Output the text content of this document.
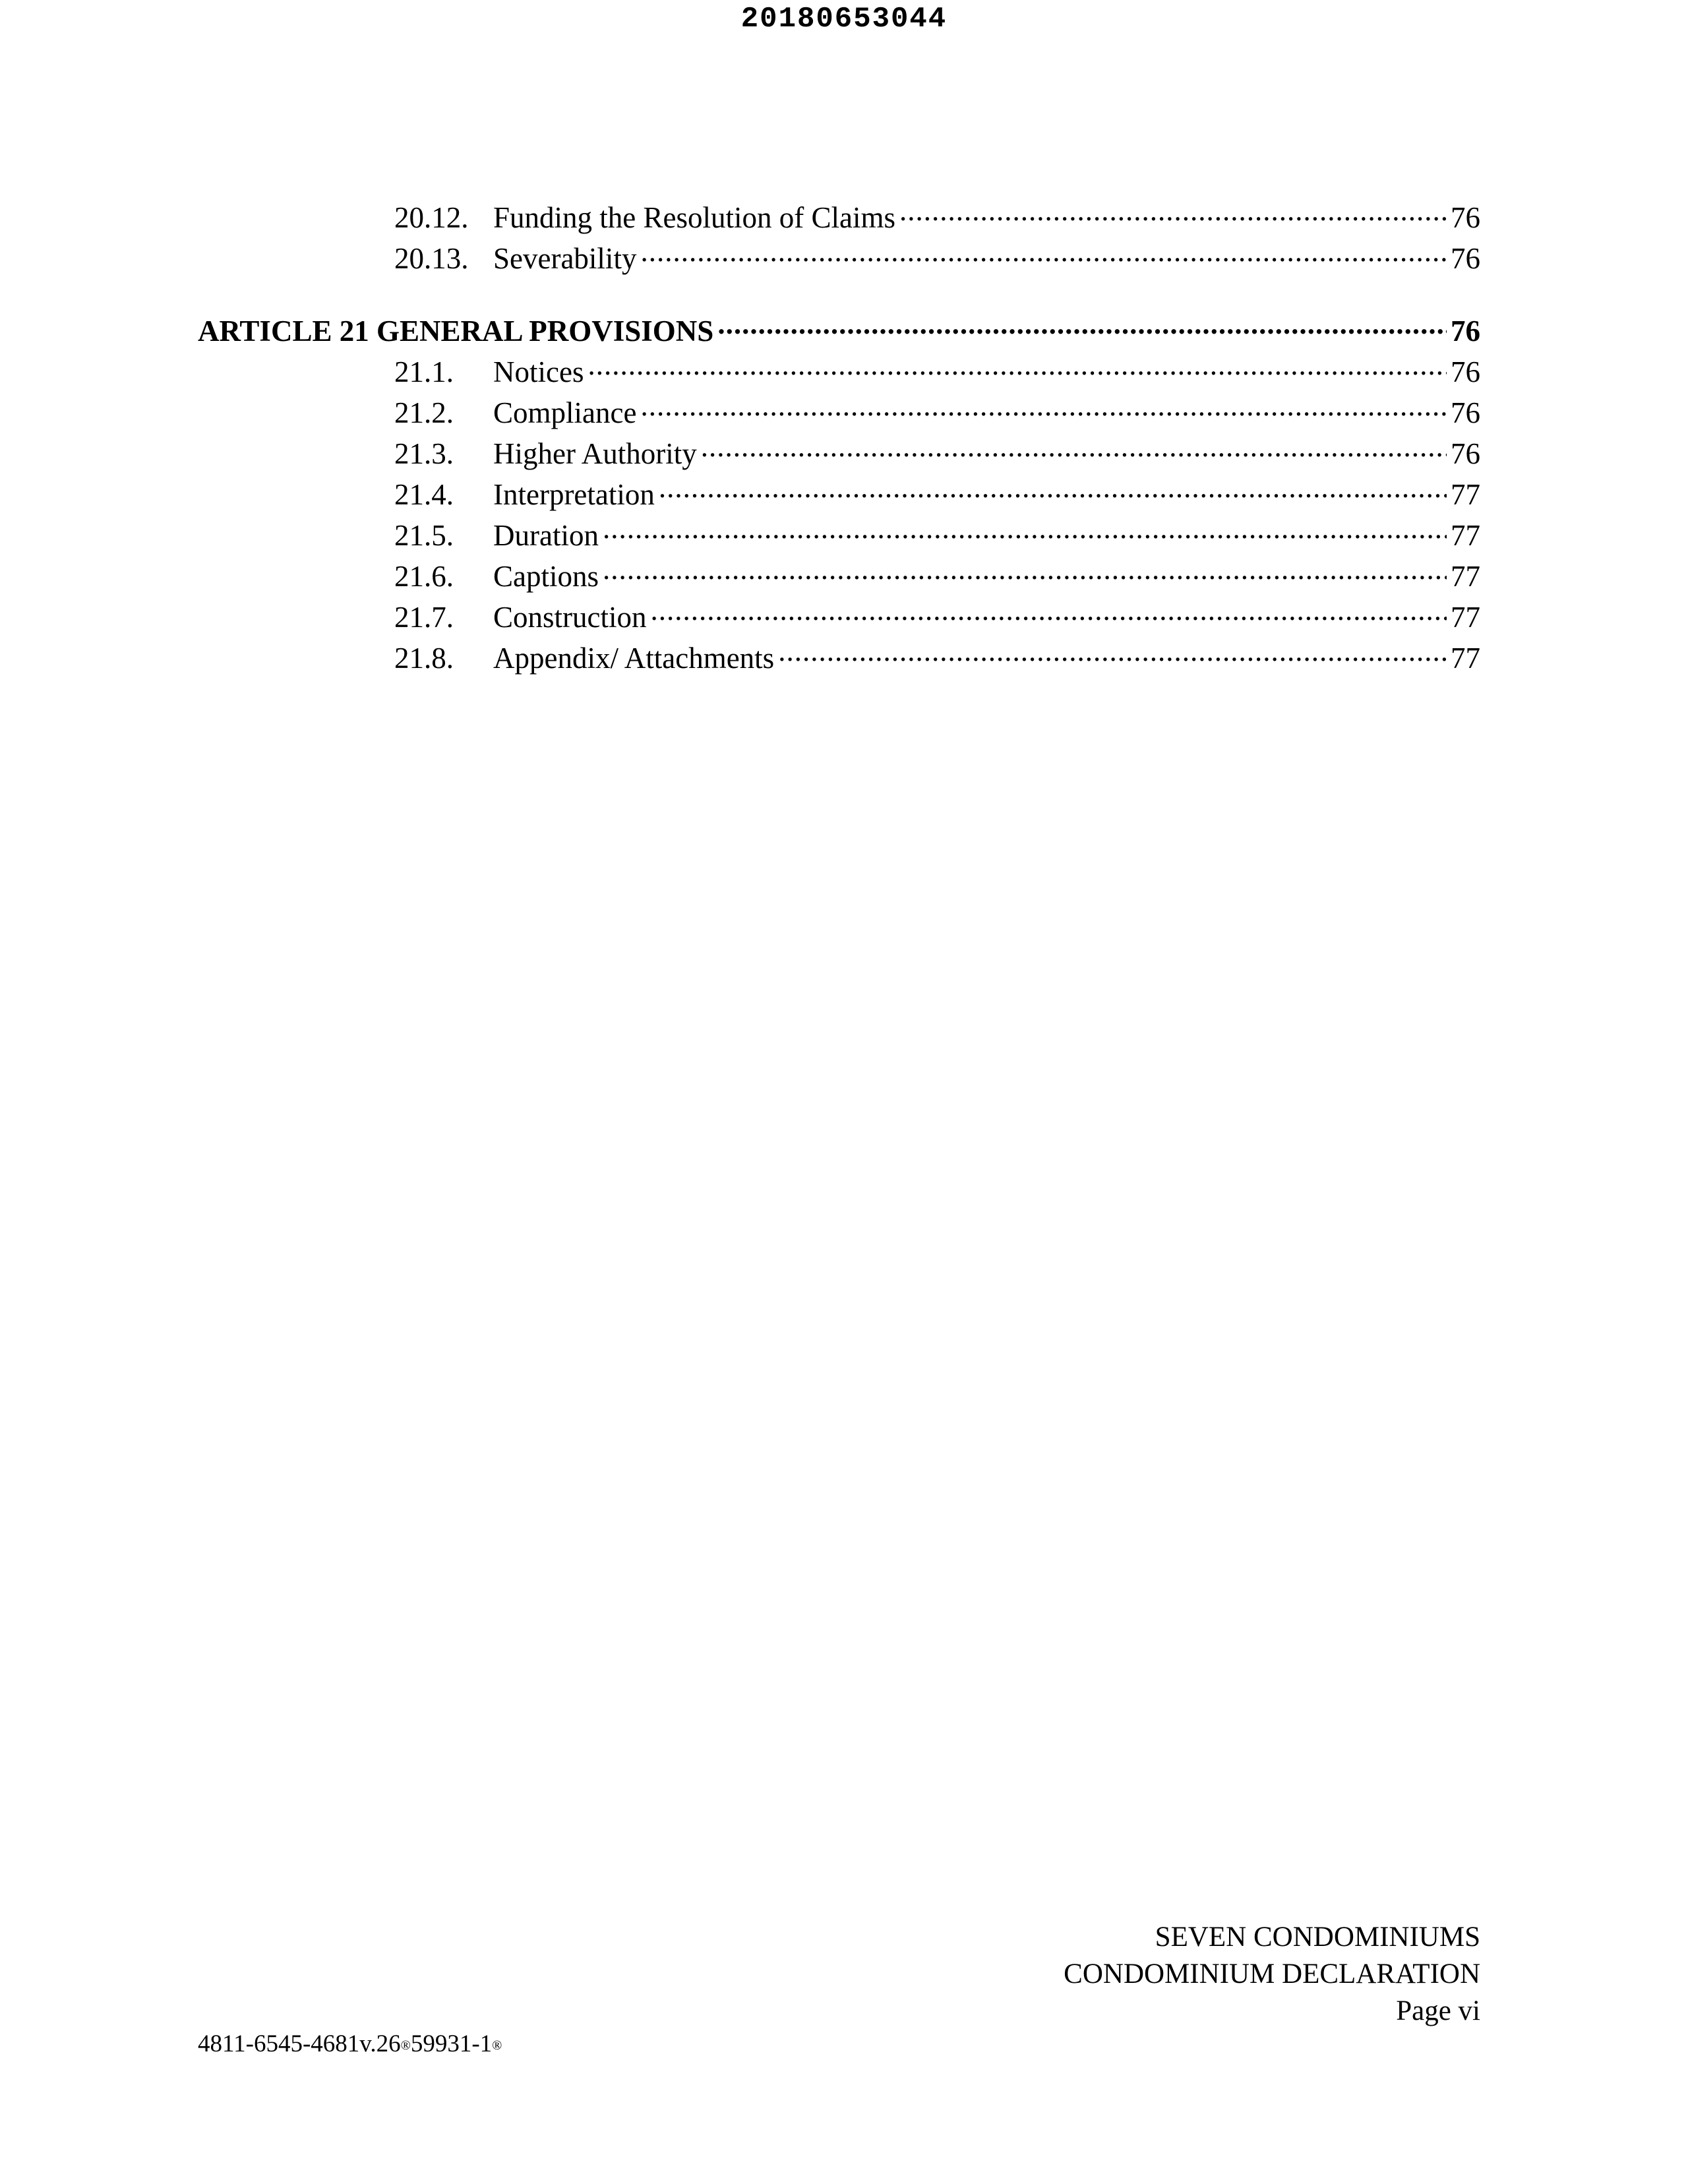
20180653044
20.12. Funding the Resolution of Claims .....	76
20.13. Severability .....	76
ARTICLE 21 GENERAL PROVISIONS .....	76
21.1.	Notices .....	76
21.2.	Compliance .....	76
21.3.	Higher Authority .....	76
21.4.	Interpretation .....	77
21.5.	Duration .....	77
21.6.	Captions .....	77
21.7.	Construction .....	77
21.8.	Appendix/ Attachments .....	77
SEVEN CONDOMINIUMS
CONDOMINIUM DECLARATION
Page vi
4811-6545-4681v.26®59931-1®
